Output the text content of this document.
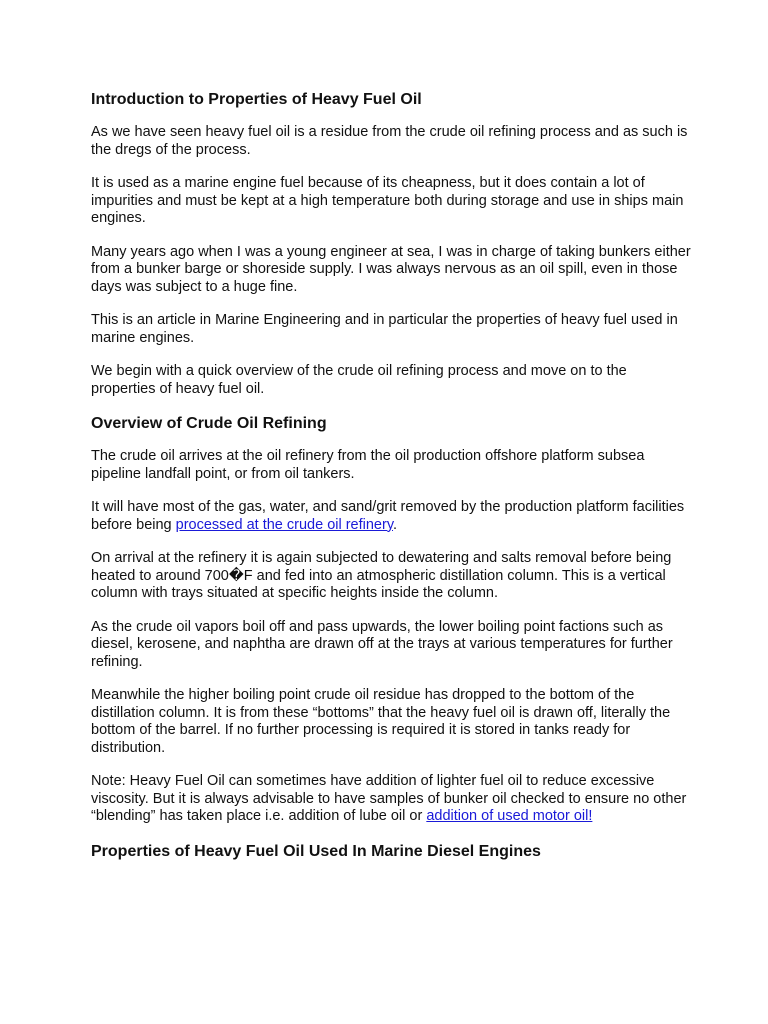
Introduction to Properties of Heavy Fuel Oil

As we have seen heavy fuel oil is a residue from the crude oil refining process and as such is the dregs of the process.

It is used as a marine engine fuel because of its cheapness, but it does contain a lot of impurities and must be kept at a high temperature both during storage and use in ships main engines.

Many years ago when I was a young engineer at sea, I was in charge of taking bunkers either from a bunker barge or shoreside supply. I was always nervous as an oil spill, even in those days was subject to a huge fine.

This is an article in Marine Engineering and in particular the properties of heavy fuel used in marine engines.

We begin with a quick overview of the crude oil refining process and move on to the properties of heavy fuel oil.

Overview of Crude Oil Refining

The crude oil arrives at the oil refinery from the oil production offshore platform subsea pipeline landfall point, or from oil tankers.

It will have most of the gas, water, and sand/grit removed by the production platform facilities before being processed at the crude oil refinery.

On arrival at the refinery it is again subjected to dewatering and salts removal before being heated to around 700�F and fed into an atmospheric distillation column. This is a vertical column with trays situated at specific heights inside the column.

As the crude oil vapors boil off and pass upwards, the lower boiling point factions such as diesel, kerosene, and naphtha are drawn off at the trays at various temperatures for further refining.

Meanwhile the higher boiling point crude oil residue has dropped to the bottom of the distillation column. It is from these “bottoms” that the heavy fuel oil is drawn off, literally the bottom of the barrel. If no further processing is required it is stored in tanks ready for distribution.

Note: Heavy Fuel Oil can sometimes have addition of lighter fuel oil to reduce excessive viscosity. But it is always advisable to have samples of bunker oil checked to ensure no other “blending” has taken place i.e. addition of lube oil or addition of used motor oil!

Properties of Heavy Fuel Oil Used In Marine Diesel Engines
